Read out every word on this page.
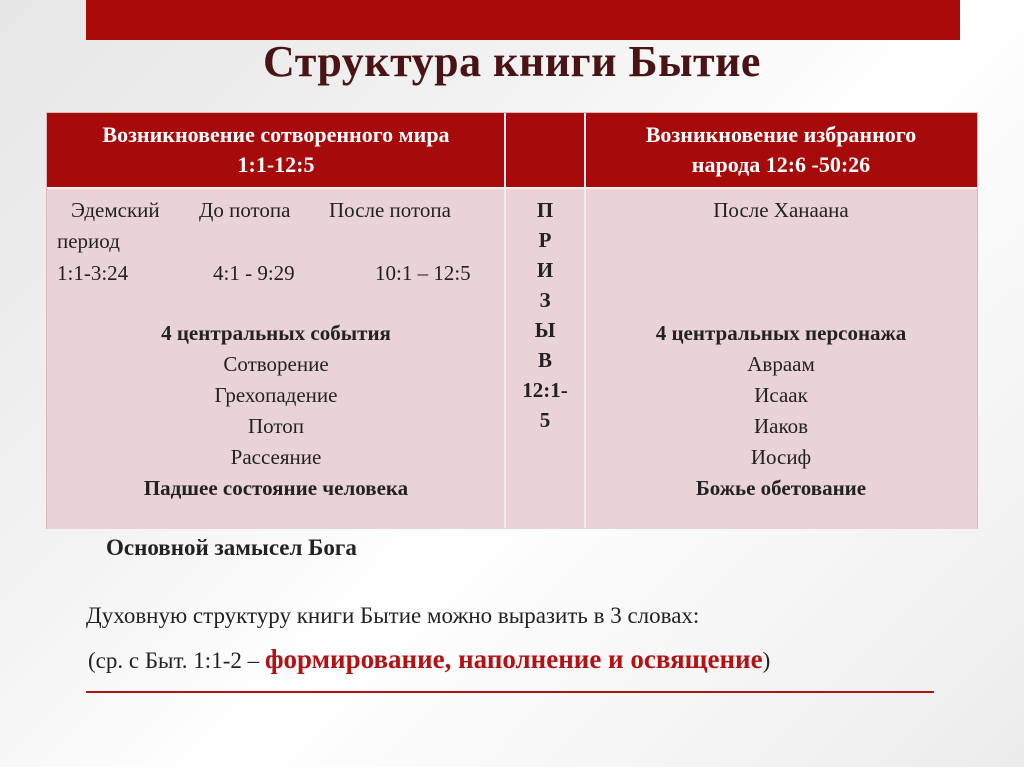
Структура книги Бытие
Возникновение сотворенного мира
1:1-12:5
Возникновение избранного
народа 12:6 -50:26
Эдемский До потопа После потопа
период
1:1-3:24	4:1 - 9:29	10:1 – 12:5
4 центральных события
Сотворение
Грехопадение
Потоп
Рассеяние
Падшее состояние человека
П
Р
И
З
Ы
В
12:1-
5
После Ханаана
4 центральных персонажа
Авраам
Исаак
Иаков
Иосиф
Божье обетование
Основной замысел Бога
Духовную структуру книги Бытие можно выразить в 3 словах:
(ср. с Быт. 1:1-2 – формирование, наполнение и освящение)
